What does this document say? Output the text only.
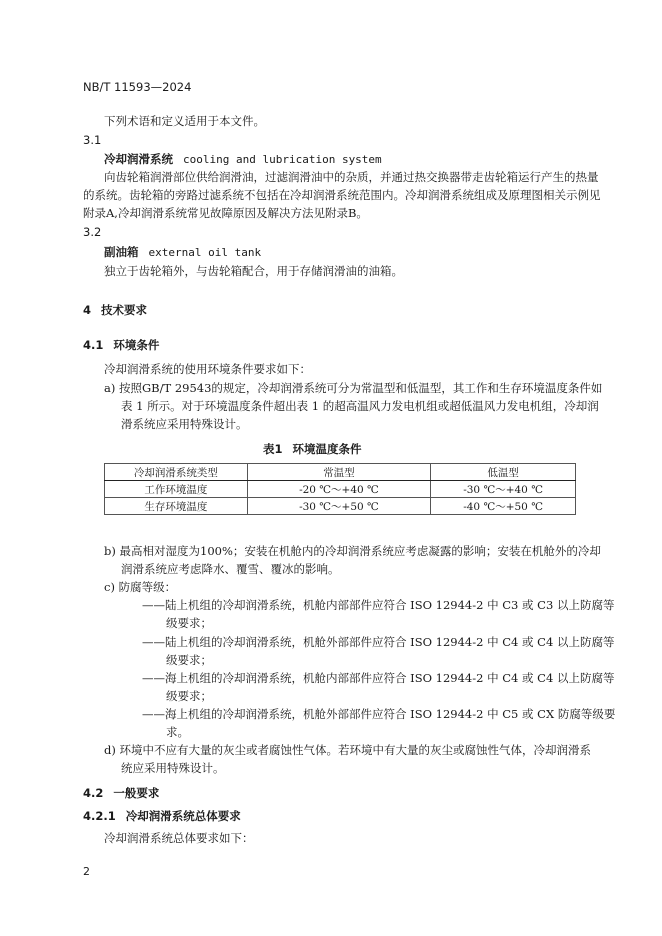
NB/T 11593—2024
下列术语和定义适用于本文件。
3.1
冷却润滑系统 cooling and lubrication system
向齿轮箱润滑部位供给润滑油，过滤润滑油中的杂质，并通过热交换器带走齿轮箱运行产生的热量
的系统。齿轮箱的旁路过滤系统不包括在冷却润滑系统范围内。冷却润滑系统组成及原理图相关示例见
附录A,冷却润滑系统常见故障原因及解决方法见附录B。
3.2
副油箱 external oil tank
独立于齿轮箱外，与齿轮箱配合，用于存储润滑油的油箱。
4 技术要求
4.1 环境条件
冷却润滑系统的使用环境条件要求如下：
a) 按照GB/T 29543的规定，冷却润滑系统可分为常温型和低温型，其工作和生存环境温度条件如
表 1 所示。对于环境温度条件超出表 1 的超高温风力发电机组或超低温风力发电机组，冷却润
滑系统应采用特殊设计。
表1 环境温度条件
冷却润滑系统类型	常温型	低温型
工作环境温度	-20 ℃～+40 ℃	-30 ℃～+40 ℃
生存环境温度	-30 ℃～+50 ℃	-40 ℃～+50 ℃
b) 最高相对湿度为100%；安装在机舱内的冷却润滑系统应考虑凝露的影响；安装在机舱外的冷却
润滑系统应考虑降水、覆雪、覆冰的影响。
c) 防腐等级：
——陆上机组的冷却润滑系统，机舱内部部件应符合 ISO 12944-2 中 C3 或 C3 以上防腐等
级要求；
——陆上机组的冷却润滑系统，机舱外部部件应符合 ISO 12944-2 中 C4 或 C4 以上防腐等
级要求；
——海上机组的冷却润滑系统，机舱内部部件应符合 ISO 12944-2 中 C4 或 C4 以上防腐等
级要求；
——海上机组的冷却润滑系统，机舱外部部件应符合 ISO 12944-2 中 C5 或 CX 防腐等级要
求。
d) 环境中不应有大量的灰尘或者腐蚀性气体。若环境中有大量的灰尘或腐蚀性气体，冷却润滑系
统应采用特殊设计。
4.2 一般要求
4.2.1 冷却润滑系统总体要求
冷却润滑系统总体要求如下：
2
